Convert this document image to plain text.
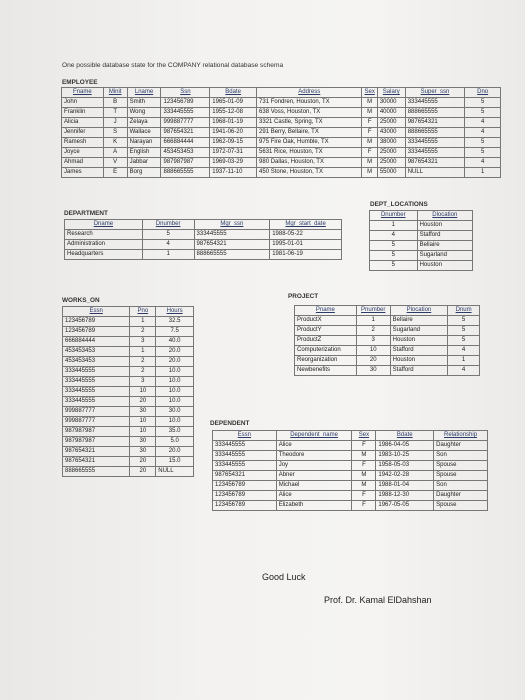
One possible database state for the COMPANY relational database schema
EMPLOYEE
Fname	Minit	Lname	Ssn	Bdate	Address	Sex	Salary	Super_ssn	Dno
John	B	Smith	123456789	1965-01-09	731 Fondren, Houston, TX	M	30000	333445555	5
Franklin	T	Wong	333445555	1955-12-08	638 Voss, Houston, TX	M	40000	888665555	5
Alicia	J	Zelaya	999887777	1968-01-19	3321 Castle, Spring, TX	F	25000	987654321	4
Jennifer	S	Wallace	987654321	1941-06-20	291 Berry, Bellaire, TX	F	43000	888665555	4
Ramesh	K	Narayan	666884444	1962-09-15	975 Fire Oak, Humble, TX	M	38000	333445555	5
Joyce	A	English	453453453	1972-07-31	5631 Rice, Houston, TX	F	25000	333445555	5
Ahmad	V	Jabbar	987987987	1969-03-29	980 Dallas, Houston, TX	M	25000	987654321	4
James	E	Borg	888665555	1937-11-10	450 Stone, Houston, TX	M	55000	NULL	1
DEPARTMENT
Dname	Dnumber	Mgr_ssn	Mgr_start_date
Research	5	333445555	1988-05-22
Administration	4	987654321	1995-01-01
Headquarters	1	888665555	1981-06-19
DEPT_LOCATIONS
Dnumber	Dlocation
1	Houston
4	Stafford
5	Bellaire
5	Sugarland
5	Houston
WORKS_ON
Essn	Pno	Hours
123456789	1	32.5
123456789	2	7.5
666884444	3	40.0
453453453	1	20.0
453453453	2	20.0
333445555	2	10.0
333445555	3	10.0
333445555	10	10.0
333445555	20	10.0
999887777	30	30.0
999887777	10	10.0
987987987	10	35.0
987987987	30	5.0
987654321	30	20.0
987654321	20	15.0
888665555	20	NULL
PROJECT
Pname	Pnumber	Plocation	Dnum
ProductX	1	Bellaire	5
ProductY	2	Sugarland	5
ProductZ	3	Houston	5
Computerization	10	Stafford	4
Reorganization	20	Houston	1
Newbenefits	30	Stafford	4
DEPENDENT
Essn	Dependent_name	Sex	Bdate	Relationship
333445555	Alice	F	1986-04-05	Daughter
333445555	Theodore	M	1983-10-25	Son
333445555	Joy	F	1958-05-03	Spouse
987654321	Abner	M	1942-02-28	Spouse
123456789	Michael	M	1988-01-04	Son
123456789	Alice	F	1988-12-30	Daughter
123456789	Elizabeth	F	1967-05-05	Spouse
Good Luck
Prof. Dr. Kamal ElDahshan
